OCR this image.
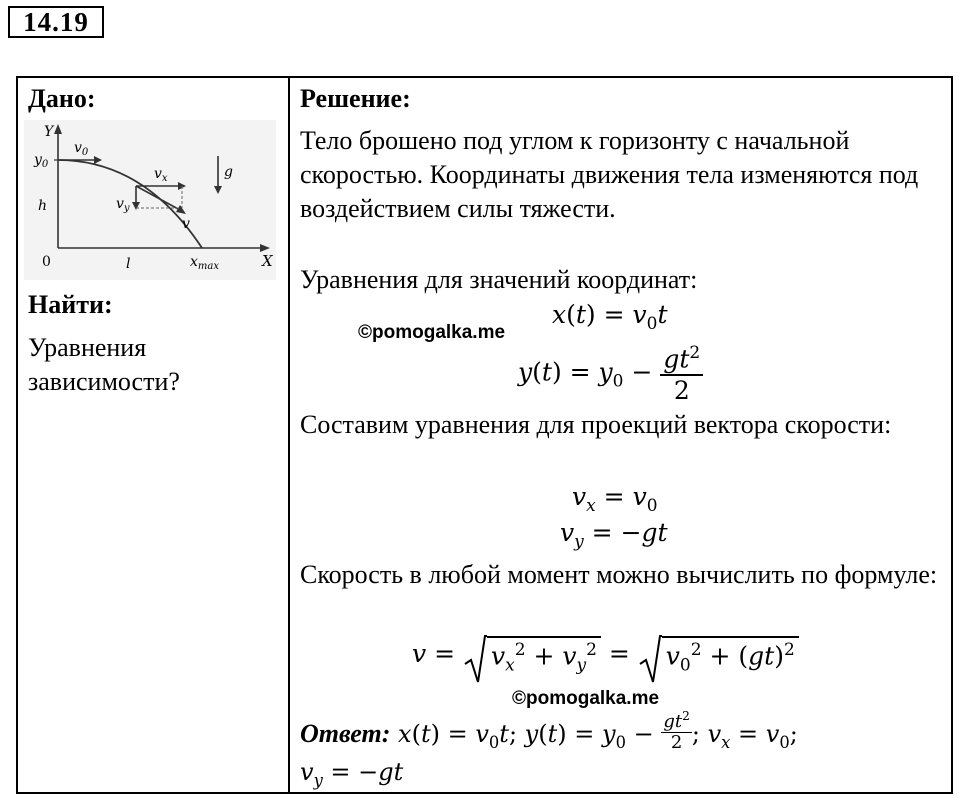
14.19
Дано:
Y
X
0
$y_0$
h
l	$x_{max}$
$v_0$
$v_x$
$v_y$
v
g
Найти:
Уравнения зависимости?
Решение:
Тело брошено под углом к горизонту с начальной скоростью. Координаты движения тела изменяются под воздействием силы тяжести.
Уравнения для значений координат:
$x(t) = v_0t$
©pomogalka.me
$y(t) = y_0 - \frac{gt^2}{2}$
Составим уравнения для проекций вектора скорости:
$v_x = v_0$
$v_y = -gt$
Скорость в любой момент можно вычислить по формуле:
v =
$v_x^2 + v_y^2$ =
$v_0^2 + (gt)^2$
©pomogalka.me
Ответ: $x(t) = v_0t$; $y(t) = y_0 - \frac{gt^2}{2}$ ; $v_x = v_0$;
$v_y = -gt$
